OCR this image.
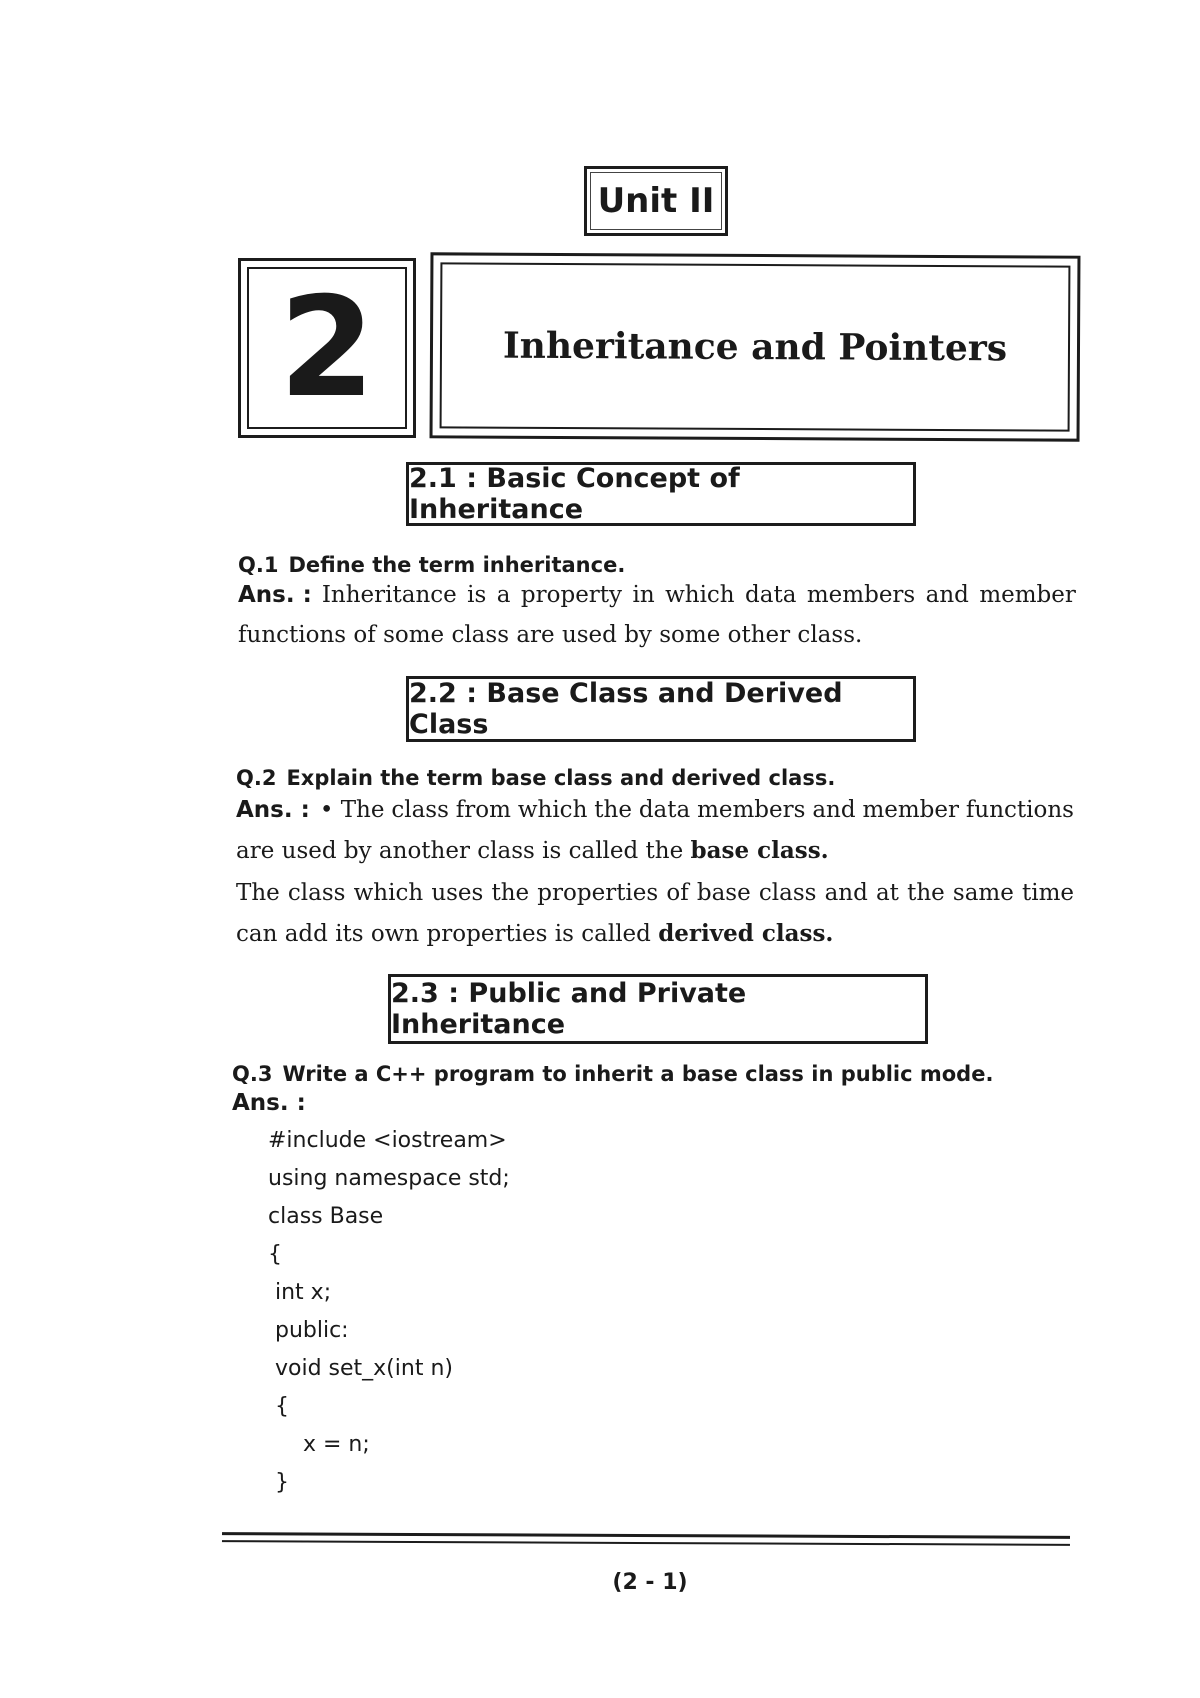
Unit II
2	Inheritance and Pointers
2.1 : Basic Concept of Inheritance
Q.1 Define the term inheritance.
Ans. : Inheritance is a property in which data members and member
functions of some class are used by some other class.
2.2 : Base Class and Derived Class
Q.2 Explain the term base class and derived class.
Ans. : • The class from which the data members and member functions
are used by another class is called the base class.
The class which uses the properties of base class and at the same time
can add its own properties is called derived class.
2.3 : Public and Private Inheritance
Q.3 Write a C++ program to inherit a base class in public mode.
Ans. :
#include <iostream>
using namespace std;
class Base
{
int x;
public:
void set_x(int n)
{
x = n;
}
(2 - 1)
